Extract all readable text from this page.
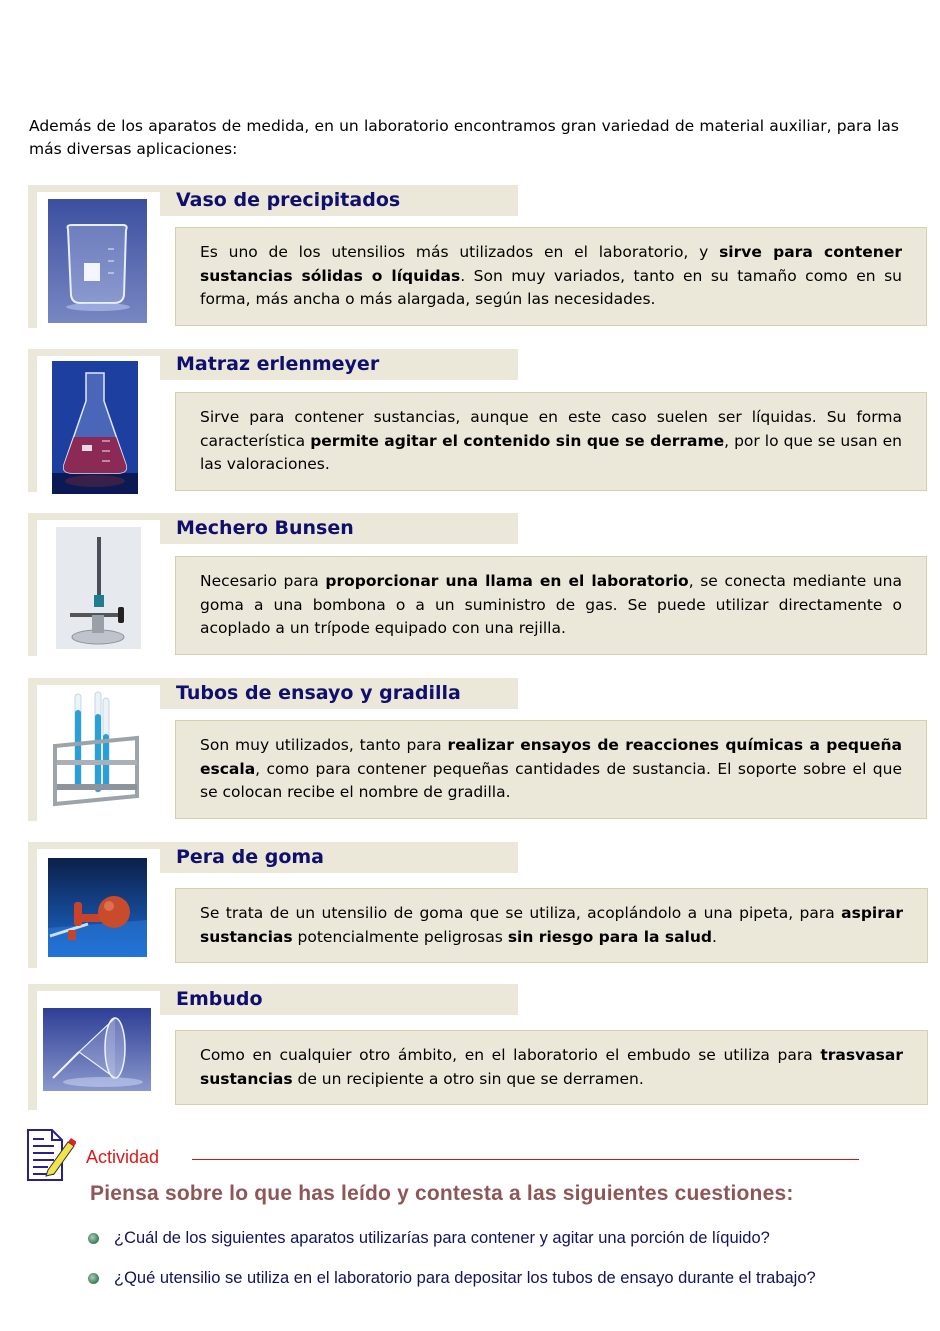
Además de los aparatos de medida, en un laboratorio encontramos gran variedad de material auxiliar, para las más diversas aplicaciones:

Vaso de precipitados

Es uno de los utensilios más utilizados en el laboratorio, y sirve para contener sustancias sólidas o líquidas. Son muy variados, tanto en su tamaño como en su forma, más ancha o más alargada, según las necesidades.

Matraz erlenmeyer

Sirve para contener sustancias, aunque en este caso suelen ser líquidas. Su forma característica permite agitar el contenido sin que se derrame, por lo que se usan en las valoraciones.

Mechero Bunsen

Necesario para proporcionar una llama en el laboratorio, se conecta mediante una goma a una bombona o a un suministro de gas. Se puede utilizar directamente o acoplado a un trípode equipado con una rejilla.

Tubos de ensayo y gradilla

Son muy utilizados, tanto para realizar ensayos de reacciones químicas a pequeña escala, como para contener pequeñas cantidades de sustancia. El soporte sobre el que se colocan recibe el nombre de gradilla.

Pera de goma

Se trata de un utensilio de goma que se utiliza, acoplándolo a una pipeta, para aspirar sustancias potencialmente peligrosas sin riesgo para la salud.

Embudo

Como en cualquier otro ámbito, en el laboratorio el embudo se utiliza para trasvasar sustancias de un recipiente a otro sin que se derramen.

Actividad
Piensa sobre lo que has leído y contesta a las siguientes cuestiones:
¿Cuál de los siguientes aparatos utilizarías para contener y agitar una porción de líquido?
¿Qué utensilio se utiliza en el laboratorio para depositar los tubos de ensayo durante el trabajo?
